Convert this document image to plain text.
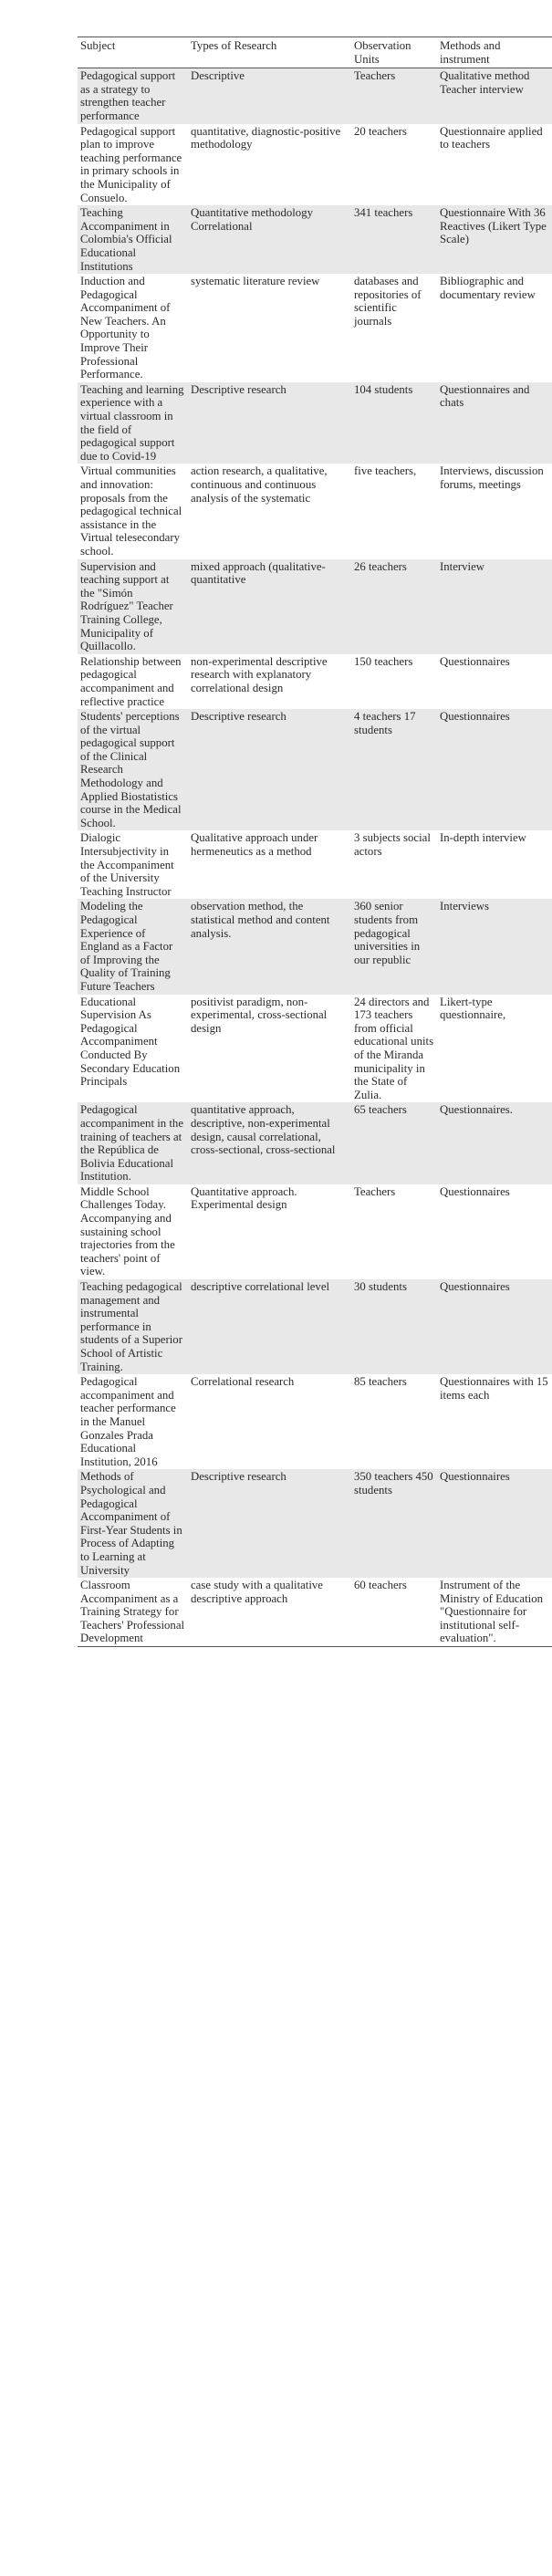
Subject	Types of Research	Observation Units	Methods and instrument
Pedagogical support as a strategy to strengthen teacher performance	Descriptive	Teachers	Qualitative method Teacher interview
Pedagogical support plan to improve teaching performance in primary schools in the Municipality of Consuelo.	quantitative, diagnostic-positive methodology	20 teachers	Questionnaire applied to teachers
Teaching Accompaniment in Colombia's Official Educational Institutions	Quantitative methodology Correlational	341 teachers	Questionnaire With 36 Reactives (Likert Type Scale)
Induction and Pedagogical Accompaniment of New Teachers. An Opportunity to Improve Their Professional Performance.	systematic literature review	databases and repositories of scientific journals	Bibliographic and documentary review
Teaching and learning experience with a virtual classroom in the field of pedagogical support due to Covid-19	Descriptive research	104 students	Questionnaires and chats
Virtual communities and innovation: proposals from the pedagogical technical assistance in the Virtual telesecondary school.	action research, a qualitative, continuous and continuous analysis of the systematic	five teachers,	Interviews, discussion forums, meetings
Supervision and teaching support at the "Simón Rodríguez" Teacher Training College, Municipality of Quillacollo.	mixed approach (qualitative-quantitative	26 teachers	Interview
Relationship between pedagogical accompaniment and reflective practice	non-experimental descriptive research with explanatory correlational design	150 teachers	Questionnaires
Students' perceptions of the virtual pedagogical support of the Clinical Research Methodology and Applied Biostatistics course in the Medical School.	Descriptive research	4 teachers 17 students	Questionnaires
Dialogic Intersubjectivity in the Accompaniment of the University Teaching Instructor	Qualitative approach under hermeneutics as a method	3 subjects social actors	In-depth interview
Modeling the Pedagogical Experience of England as a Factor of Improving the Quality of Training Future Teachers	observation method, the statistical method and content analysis.	360 senior students from pedagogical universities in our republic	Interviews
Educational Supervision As Pedagogical Accompaniment Conducted By Secondary Education Principals	positivist paradigm, non-experimental, cross-sectional design	24 directors and 173 teachers from official educational units of the Miranda municipality in the State of Zulia.	Likert-type questionnaire,
Pedagogical accompaniment in the training of teachers at the República de Bolivia Educational Institution.	quantitative approach, descriptive, non-experimental design, causal correlational, cross-sectional, cross-sectional	65 teachers	Questionnaires.
Middle School Challenges Today. Accompanying and sustaining school trajectories from the teachers' point of view.	Quantitative approach. Experimental design	Teachers	Questionnaires
Teaching pedagogical management and instrumental performance in students of a Superior School of Artistic Training.	descriptive correlational level	30 students	Questionnaires
Pedagogical accompaniment and teacher performance in the Manuel Gonzales Prada Educational Institution, 2016	Correlational research	85 teachers	Questionnaires with 15 items each
Methods of Psychological and Pedagogical Accompaniment of First-Year Students in Process of Adapting to Learning at University	Descriptive research	350 teachers 450 students	Questionnaires
Classroom Accompaniment as a Training Strategy for Teachers' Professional Development	case study with a qualitative descriptive approach	60 teachers	Instrument of the Ministry of Education "Questionnaire for institutional self-evaluation".
